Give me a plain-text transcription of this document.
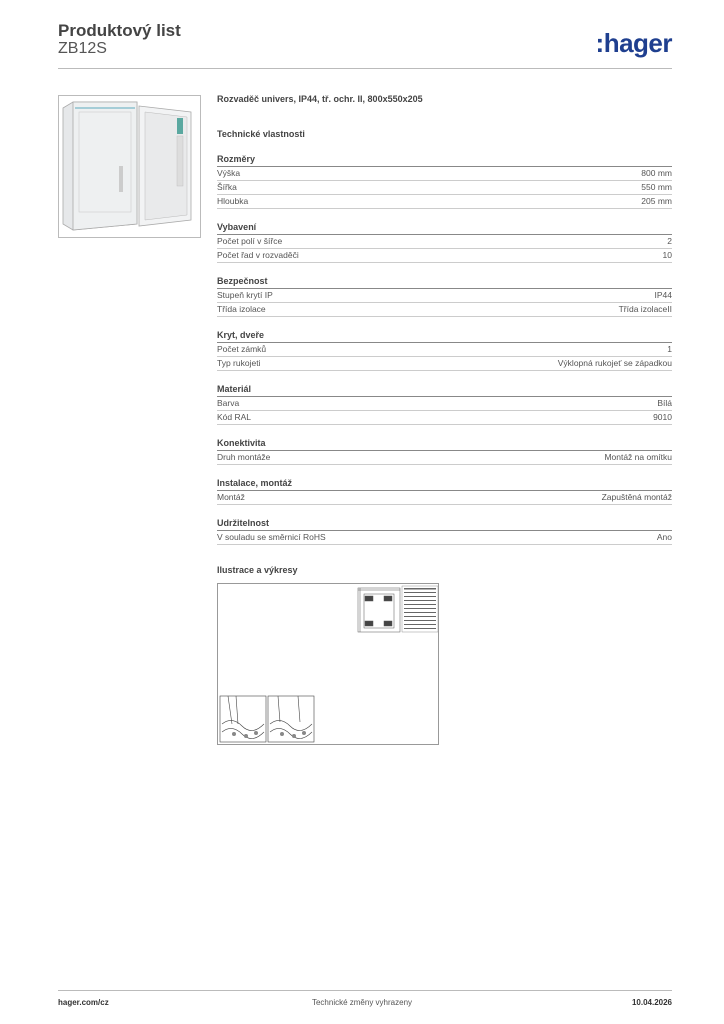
Produktový list
ZB12S	:hager
Rozvaděč univers, IP44, tř. ochr. II, 800x550x205
Technické vlastnosti
Rozměry
Výška	800 mm
Šířka	550 mm
Hloubka	205 mm
Vybavení
Počet polí v šířce	2
Počet řad v rozvaděči	10
Bezpečnost
Stupeň krytí IP	IP44
Třída izolace	Třída izolaceII
Kryt, dveře
Počet zámků	1
Typ rukojeti	Výklopná rukojeť se západkou
Materiál
Barva	Bílá
Kód RAL	9010
Konektivita
Druh montáže	Montáž na omítku
Instalace, montáž
Montáž	Zapuštěná montáž
Udržitelnost
V souladu se směrnicí RoHS	Ano
Ilustrace a výkresy
hager.com/cz	Technické změny vyhrazeny	10.04.2026
